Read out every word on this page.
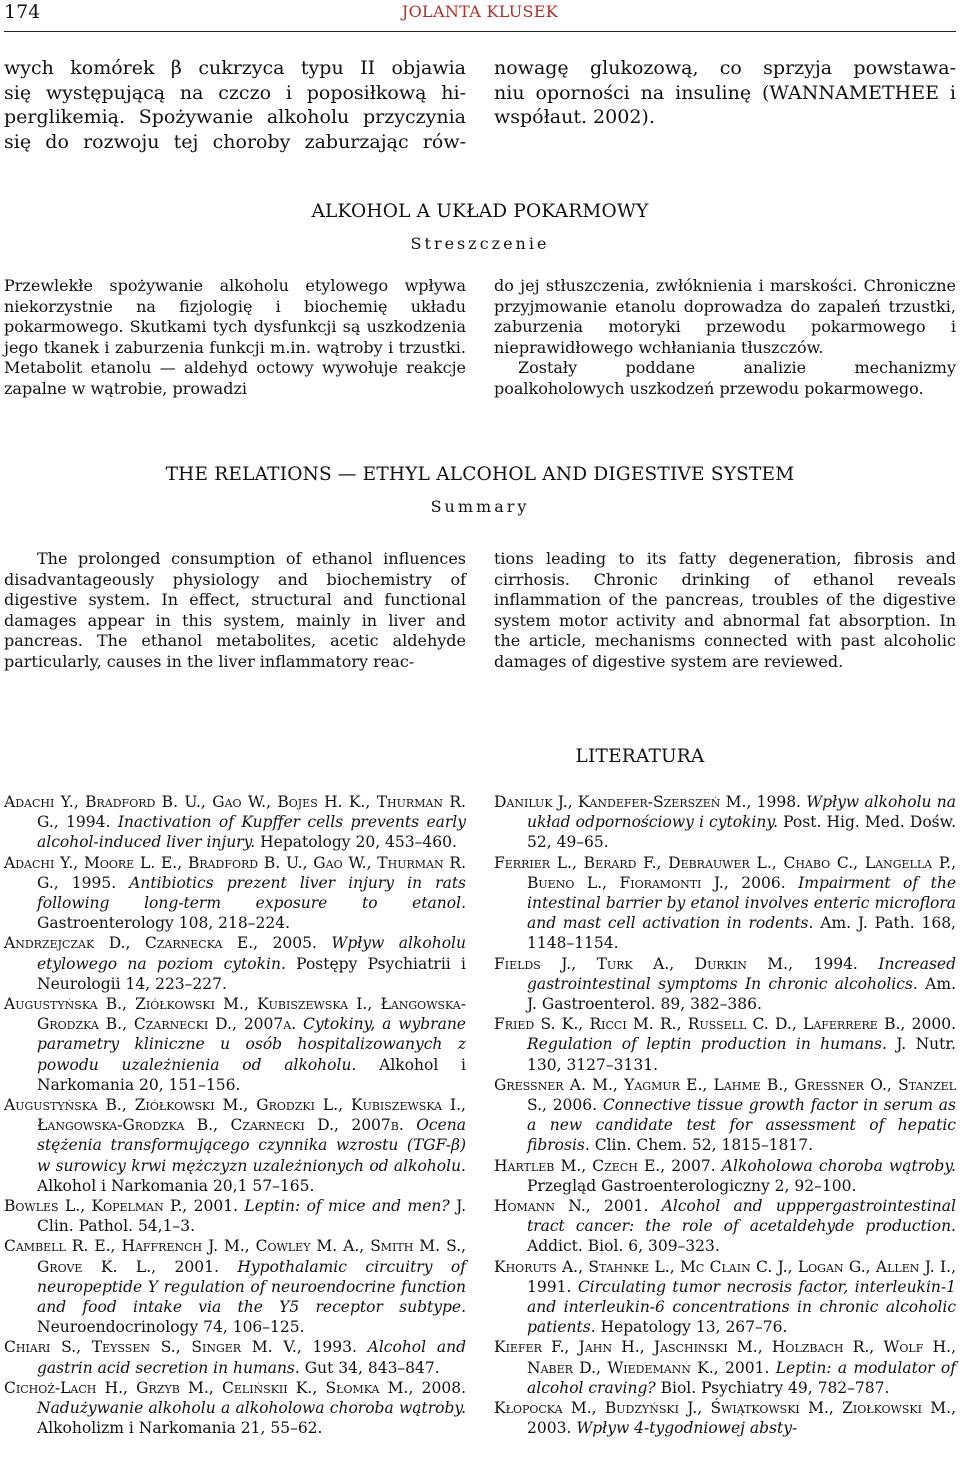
174	JOLANTA KLUSEK
wych komórek β cukrzyca typu II objawia
się występującą na czczo i poposiłkową hi-
perglikemią. Spożywanie alkoholu przyczynia
się do rozwoju tej choroby zaburzając rów-
nowagę glukozową, co sprzyja powstawa-
niu oporności na insulinę (WANNAMETHEE i
współaut. 2002).
ALKOHOL A UKŁAD POKARMOWY
Streszczenie
Przewlekłe spożywanie alkoholu etylowego wpływa niekorzystnie na fizjologię i biochemię układu pokarmowego. Skutkami tych dysfunkcji są uszkodzenia jego tkanek i zaburzenia funkcji m.in. wątroby i trzustki. Metabolit etanolu — aldehyd octowy wywołuje reakcje zapalne w wątrobie, prowadzi
do jej stłuszczenia, zwłóknienia i marskości. Chroniczne przyjmowanie etanolu doprowadza do zapaleń trzustki, zaburzenia motoryki przewodu pokarmowego i nieprawidłowego wchłaniania tłuszczów.
Zostały poddane analizie mechanizmy poalkoholowych uszkodzeń przewodu pokarmowego.
THE RELATIONS — ETHYL ALCOHOL AND DIGESTIVE SYSTEM
Summary
The prolonged consumption of ethanol influences disadvantageously physiology and biochemistry of digestive system. In effect, structural and functional damages appear in this system, mainly in liver and pancreas. The ethanol metabolites, acetic aldehyde particularly, causes in the liver inflammatory reac-
tions leading to its fatty degeneration, fibrosis and cirrhosis. Chronic drinking of ethanol reveals inflammation of the pancreas, troubles of the digestive system motor activity and abnormal fat absorption. In the article, mechanisms connected with past alcoholic damages of digestive system are reviewed.
LITERATURA

Adachi Y., Bradford B. U., Gao W., Bojes H. K., Thurman R. G., 1994. Inactivation of Kupffer cells prevents early alcohol-induced liver injury. Hepatology 20, 453–460.

Adachi Y., Moore L. E., Bradford B. U., Gao W., Thurman R. G., 1995. Antibiotics prezent liver injury in rats following long-term exposure to etanol. Gastroenterology 108, 218–224.

Andrzejczak D., Czarnecka E., 2005. Wpływ alkoholu etylowego na poziom cytokin. Postępy Psychiatrii i Neurologii 14, 223–227.

Augustyńska B., Ziółkowski M., Kubiszewska I., Łangowska-Grodzka B., Czarnecki D., 2007a. Cytokiny, a wybrane parametry kliniczne u osób hospitalizowanych z powodu uzależnienia od alkoholu. Alkohol i Narkomania 20, 151–156.

Augustyńska B., Ziółkowski M., Grodzki L., Kubiszewska I., Łangowska-Grodzka B., Czarnecki D., 2007b. Ocena stężenia transformującego czynnika wzrostu (TGF-β) w surowicy krwi mężczyzn uzależnionych od alkoholu. Alkohol i Narkomania 20,1 57–165.

Bowles L., Kopelman P., 2001. Leptin: of mice and men? J. Clin. Pathol. 54,1–3.

Cambell R. E., Haffrench J. M., Cowley M. A., Smith M. S., Grove K. L., 2001. Hypothalamic circuitry of neuropeptide Y regulation of neuroendocrine function and food intake via the Y5 receptor subtype. Neuroendocrinology 74, 106–125.

Chiari S., Teyssen S., Singer M. V., 1993. Alcohol and gastrin acid secretion in humans. Gut 34, 843–847.

Cichoż-Lach H., Grzyb M., Celińskii K., Słomka M., 2008. Nadużywanie alkoholu a alkoholowa choroba wątroby. Alkoholizm i Narkomania 21, 55–62.

Daniluk J., Kandefer-Szerszeń M., 1998. Wpływ alkoholu na układ odpornościowy i cytokiny. Post. Hig. Med. Dośw. 52, 49–65.

Ferrier L., Berard F., Debrauwer L., Chabo C., Langella P., Bueno L., Fioramonti J., 2006. Impairment of the intestinal barrier by etanol involves enteric microflora and mast cell activation in rodents. Am. J. Path. 168, 1148–1154.

Fields J., Turk A., Durkin M., 1994. Increased gastrointestinal symptoms In chronic alcoholics. Am. J. Gastroenterol. 89, 382–386.

Fried S. K., Ricci M. R., Russell C. D., Laferrere B., 2000. Regulation of leptin production in humans. J. Nutr. 130, 3127–3131.

Gressner A. M., Yagmur E., Lahme B., Gressner O., Stanzel S., 2006. Connective tissue growth factor in serum as a new candidate test for assessment of hepatic fibrosis. Clin. Chem. 52, 1815–1817.

Hartleb M., Czech E., 2007. Alkoholowa choroba wątroby. Przegląd Gastroenterologiczny 2, 92–100.

Homann N., 2001. Alcohol and upppergastrointestinal tract cancer: the role of acetaldehyde production. Addict. Biol. 6, 309–323.

Khoruts A., Stahnke L., Mc Clain C. J., Logan G., Allen J. I., 1991. Circulating tumor necrosis factor, interleukin-1 and interleukin-6 concentrations in chronic alcoholic patients. Hepatology 13, 267–76.

Kiefer F., Jahn H., Jaschinski M., Holzbach R., Wolf H., Naber D., Wiedemann K., 2001. Leptin: a modulator of alcohol craving? Biol. Psychiatry 49, 782–787.

Kłopocka M., Budzyński J., Świątkowski M., Ziołkowski M., 2003. Wpływ 4-tygodniowej absty-
